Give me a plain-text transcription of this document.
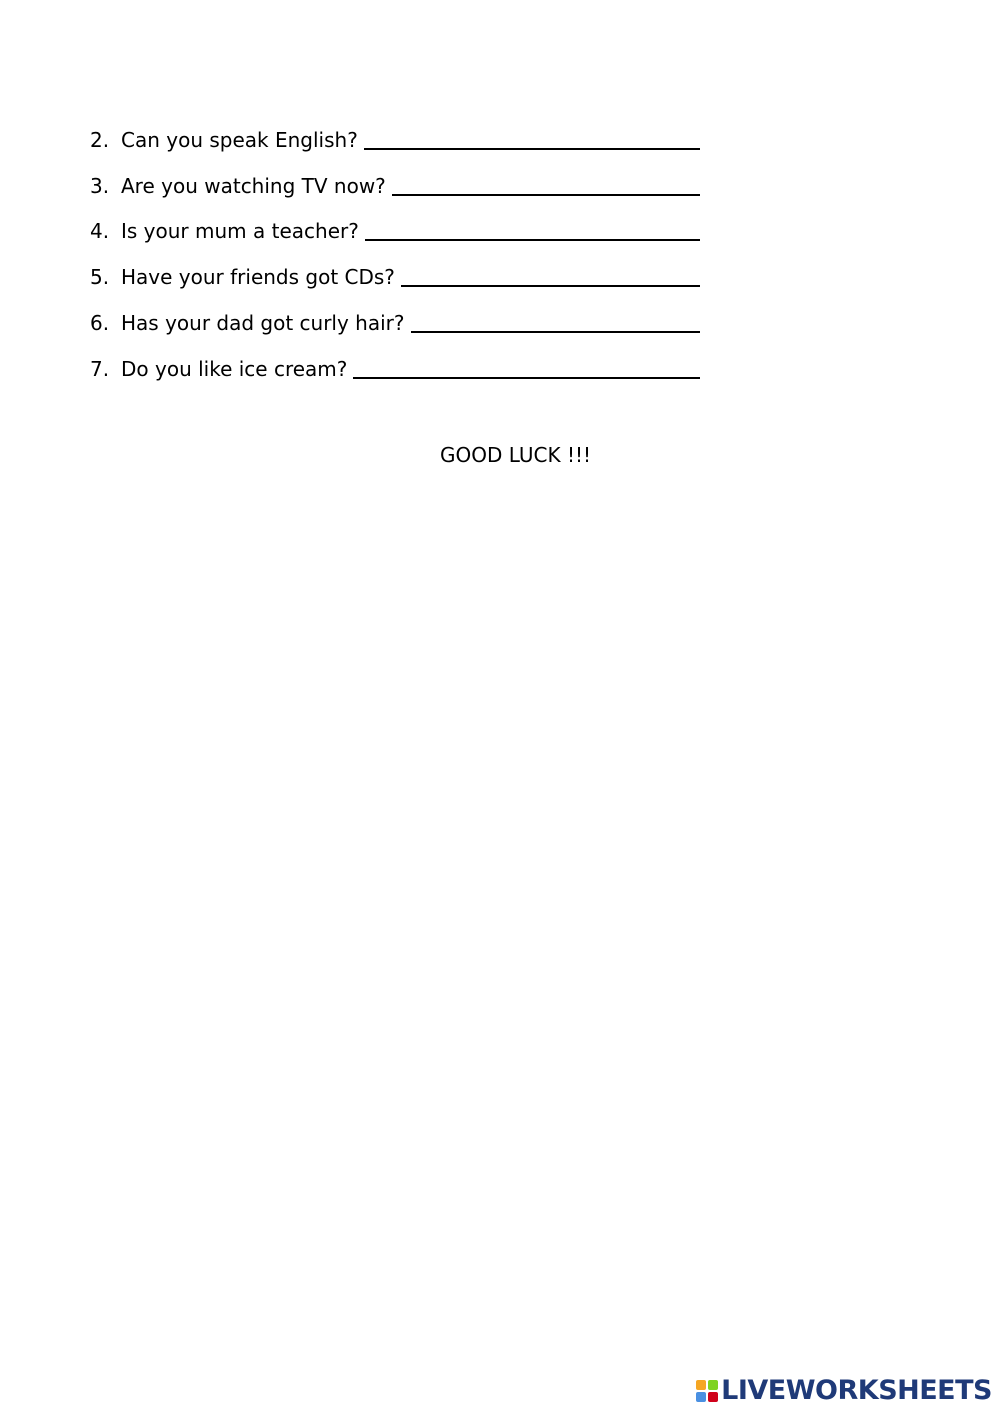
2. Can you speak English?
3. Are you watching TV now?
4. Is your mum a teacher?
5. Have your friends got CDs?
6. Has your dad got curly hair?
7. Do you like ice cream?
GOOD LUCK !!!
LIVEWORKSHEETS
